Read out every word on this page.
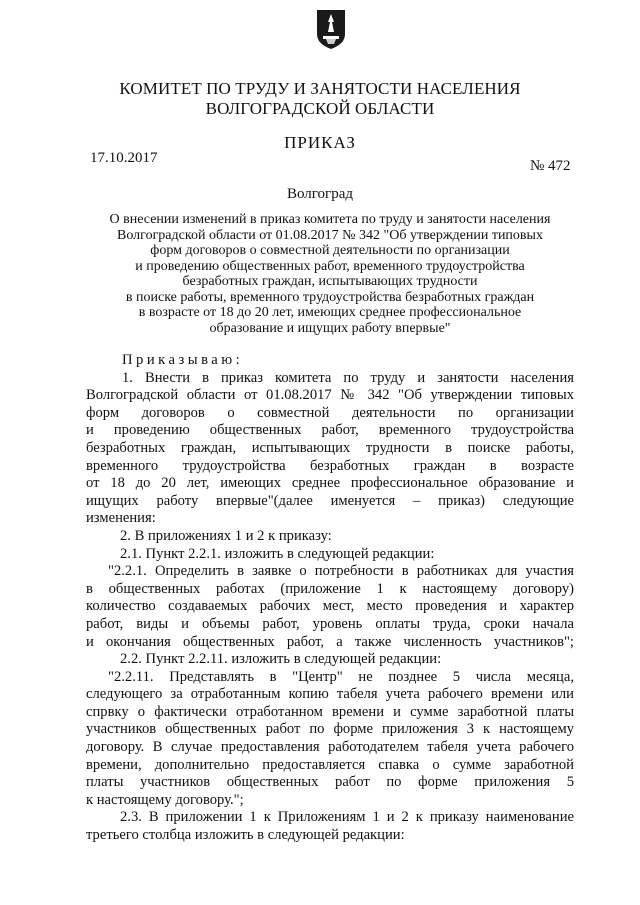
КОМИТЕТ ПО ТРУДУ И ЗАНЯТОСТИ НАСЕЛЕНИЯ
ВОЛГОГРАДСКОЙ ОБЛАСТИ
ПРИКАЗ
17.10.2017	№ 472
Волгоград
О внесении изменений в приказ комитета по труду и занятости населения
Волгоградской области от 01.08.2017 № 342 "Об утверждении типовых
форм договоров о совместной деятельности по организации
и проведению общественных работ, временного трудоустройства
безработных граждан, испытывающих трудности
в поиске работы, временного трудоустройства безработных граждан
в возрасте от 18 до 20 лет, имеющих среднее профессиональное
образование и ищущих работу впервые"
Приказываю:
1. Внести в приказ комитета по труду и занятости населения
Волгоградской области от 01.08.2017 № 342 "Об утверждении типовых
форм договоров о совместной деятельности по организации
и проведению общественных работ, временного трудоустройства
безработных граждан, испытывающих трудности в поиске работы,
временного трудоустройства безработных граждан в возрасте
от 18 до 20 лет, имеющих среднее профессиональное образование и
ищущих работу впервые"(далее именуется – приказ) следующие
изменения:
2. В приложениях 1 и 2 к приказу:
2.1. Пункт 2.2.1. изложить в следующей редакции:
"2.2.1. Определить в заявке о потребности в работниках для участия
в общественных работах (приложение 1 к настоящему договору)
количество создаваемых рабочих мест, место проведения и характер
работ, виды и объемы работ, уровень оплаты труда, сроки начала
и окончания общественных работ, а также численность участников";
2.2. Пункт 2.2.11. изложить в следующей редакции:
"2.2.11. Представлять в "Центр" не позднее 5 числа месяца,
следующего за отработанным копию табеля учета рабочего времени или
спрвку о фактически отработанном времени и сумме заработной платы
участников общественных работ по форме приложения 3 к настоящему
договору. В случае предоставления работодателем табеля учета рабочего
времени, дополнительно предоставляется спавка о сумме заработной
платы участников общественных работ по форме приложения 5
к настоящему договору.";
2.3. В приложении 1 к Приложениям 1 и 2 к приказу наименование
третьего столбца изложить в следующей редакции:
